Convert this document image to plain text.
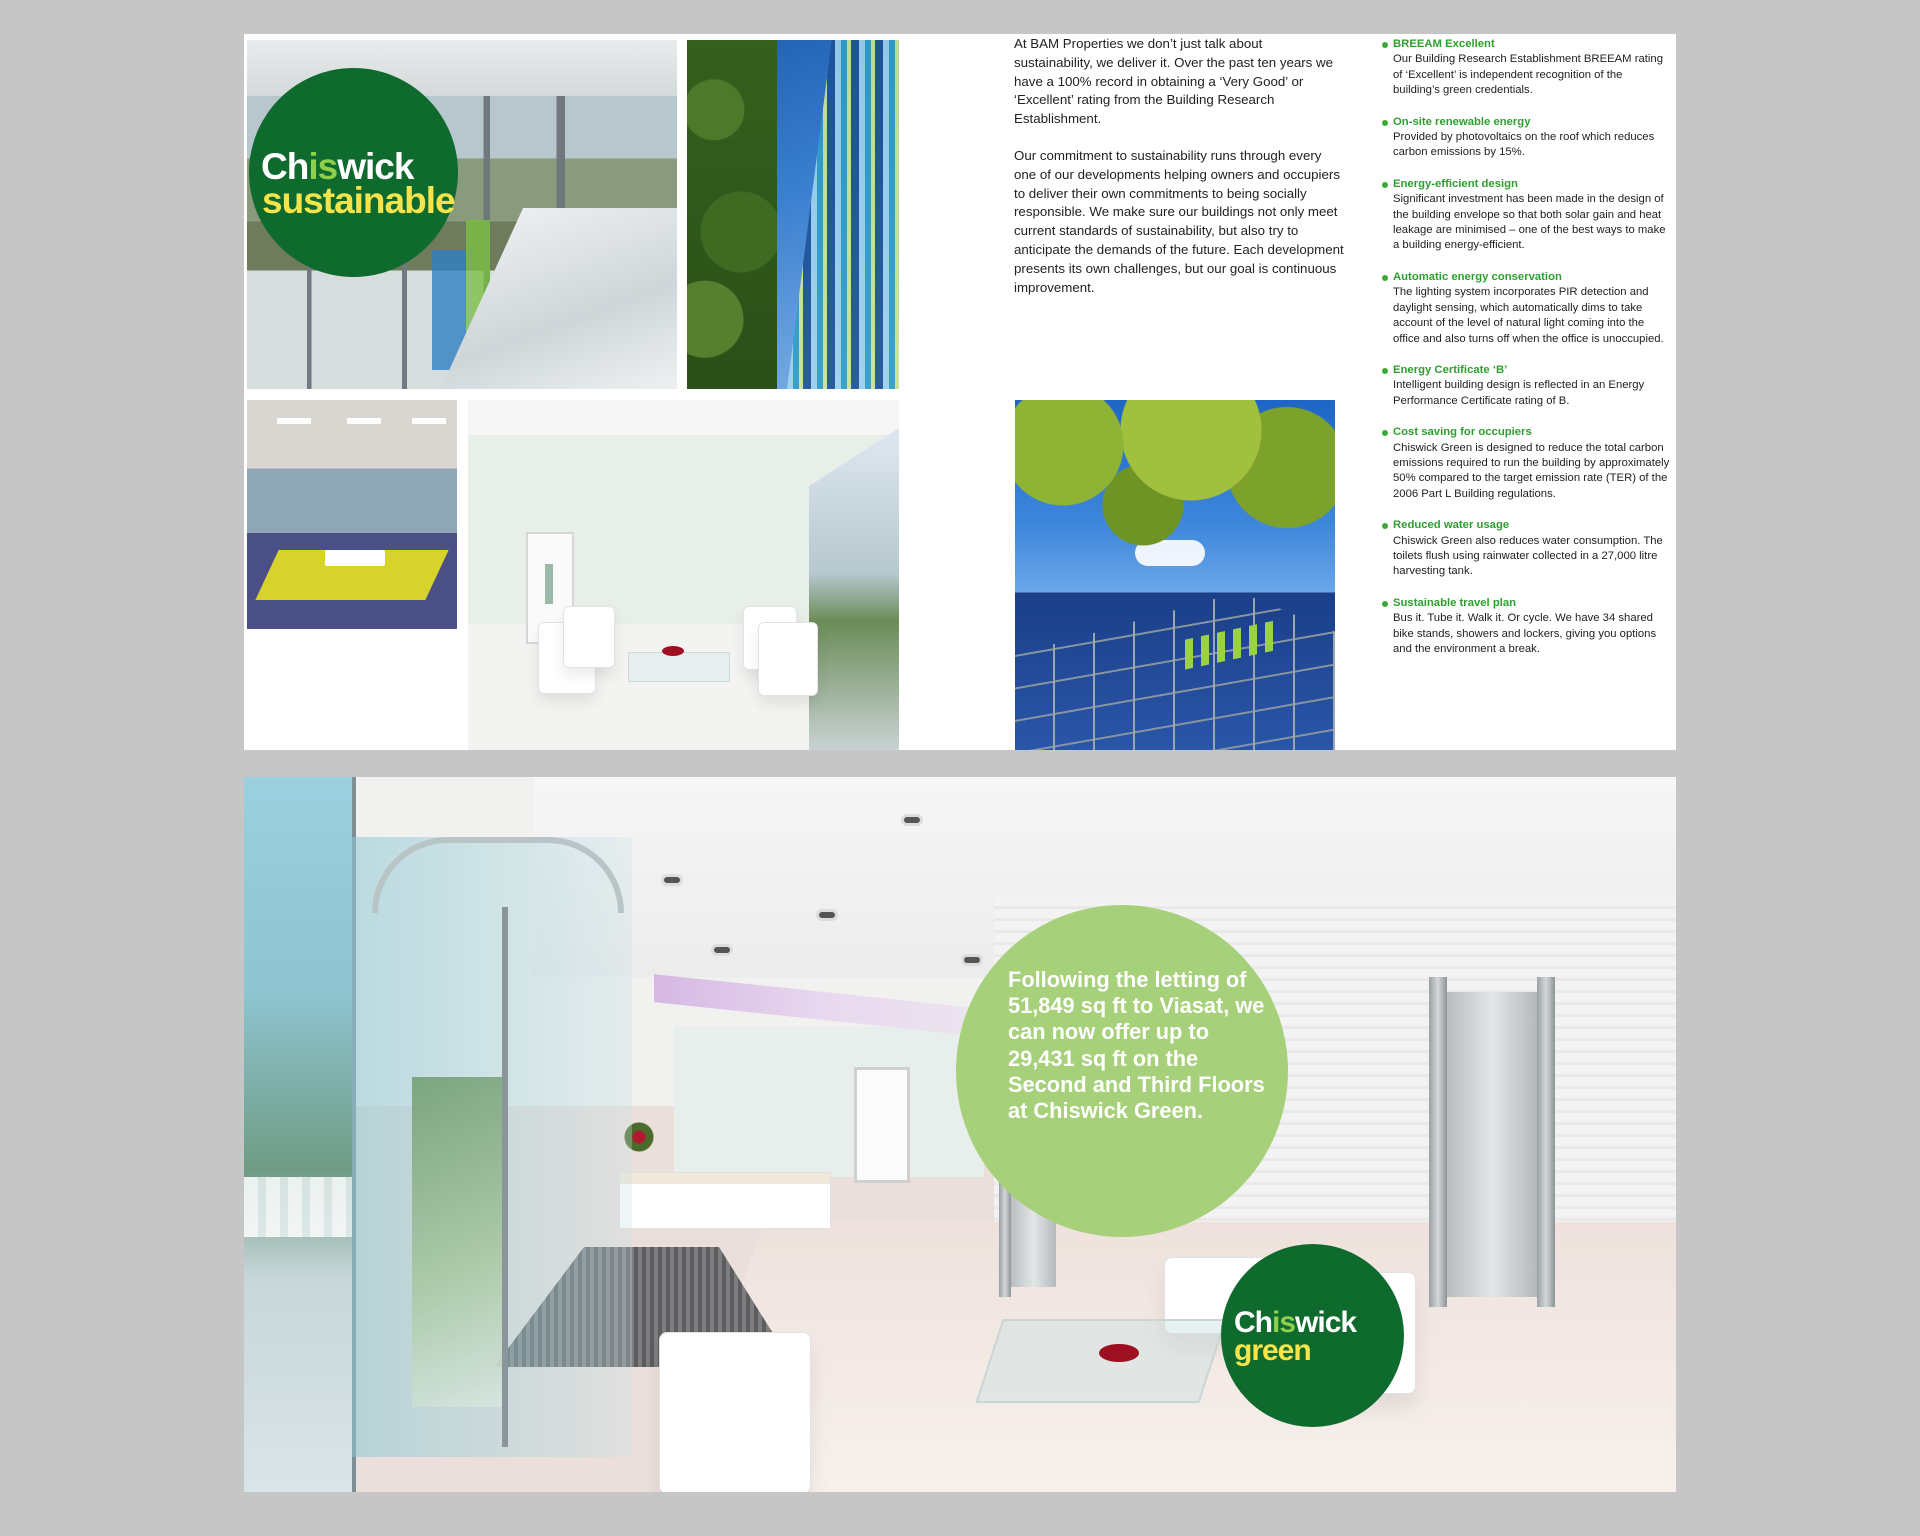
Chiswick
sustainable

At BAM Properties we don’t just talk about sustainability, we deliver it. Over the past ten years we have a 100% record in obtaining a ‘Very Good’ or ‘Excellent’ rating from the Building Research Establishment.

Our commitment to sustainability runs through every one of our developments helping owners and occupiers to deliver their own commitments to being socially responsible. We make sure our buildings not only meet current standards of sustainability, but also try to anticipate the demands of the future. Each development presents its own challenges, but our goal is continuous improvement.

BREEAM Excellent
Our Building Research Establishment BREEAM rating of ‘Excellent’ is independent recognition of the building’s green credentials.
On-site renewable energy
Provided by photovoltaics on the roof which reduces carbon emissions by 15%.
Energy-efficient design
Significant investment has been made in the design of the building envelope so that both solar gain and heat leakage are minimised – one of the best ways to make a building energy-efficient.
Automatic energy conservation
The lighting system incorporates PIR detection and daylight sensing, which automatically dims to take account of the level of natural light coming into the office and also turns off when the office is unoccupied.
Energy Certificate ‘B’
Intelligent building design is reflected in an Energy Performance Certificate rating of B.
Cost saving for occupiers
Chiswick Green is designed to reduce the total carbon emissions required to run the building by approximately 50% compared to the target emission rate (TER) of the 2006 Part L Building regulations.
Reduced water usage
Chiswick Green also reduces water consumption. The toilets flush using rainwater collected in a 27,000 litre harvesting tank.
Sustainable travel plan
Bus it. Tube it. Walk it. Or cycle. We have 34 shared bike stands, showers and lockers, giving you options and the environment a break.

Following the letting of 51,849 sq ft to Viasat, we can now offer up to 29,431 sq ft on the Second and Third Floors at Chiswick Green.

Chiswick
green
